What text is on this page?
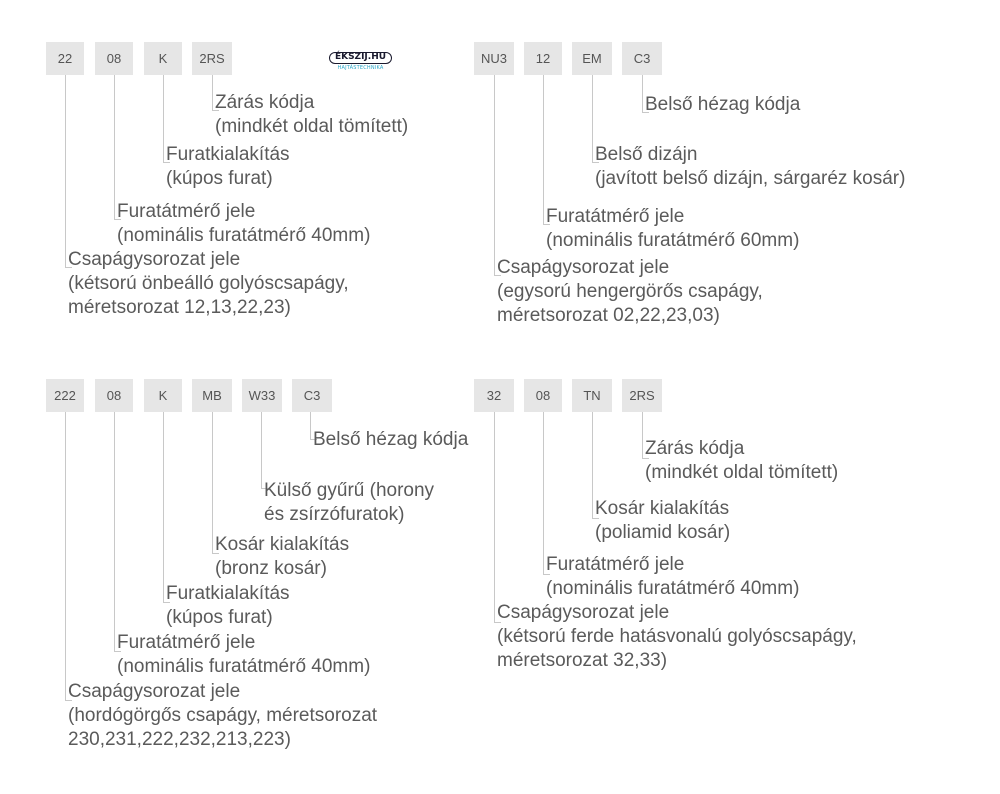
ÉKSZIJ.HU
HAJTÁSTECHNIKA
22	08	K	2RS
Zárás kódja
(mindkét oldal tömített)
Furatkialakítás
(kúpos furat)
Furatátmérő jele
(nominális furatátmérő 40mm)
Csapágysorozat jele
(kétsorú önbeálló golyóscsapágy,
méretsorozat 12,13,22,23)
NU3	12	EM	C3
Belső hézag kódja
Belső dizájn
(javított belső dizájn, sárgaréz kosár)
Furatátmérő jele
(nominális furatátmérő 60mm)
Csapágysorozat jele
(egysorú hengergörős csapágy,
méretsorozat 02,22,23,03)
222	08	K	MB	W33	C3
Belső hézag kódja
Külső gyűrű (horony
és zsírzófuratok)
Kosár kialakítás
(bronz kosár)
Furatkialakítás
(kúpos furat)
Furatátmérő jele
(nominális furatátmérő 40mm)
Csapágysorozat jele
(hordógörgős csapágy, méretsorozat
230,231,222,232,213,223)
32	08	TN	2RS
Zárás kódja
(mindkét oldal tömített)
Kosár kialakítás
(poliamid kosár)
Furatátmérő jele
(nominális furatátmérő 40mm)
Csapágysorozat jele
(kétsorú ferde hatásvonalú golyóscsapágy,
méretsorozat 32,33)
